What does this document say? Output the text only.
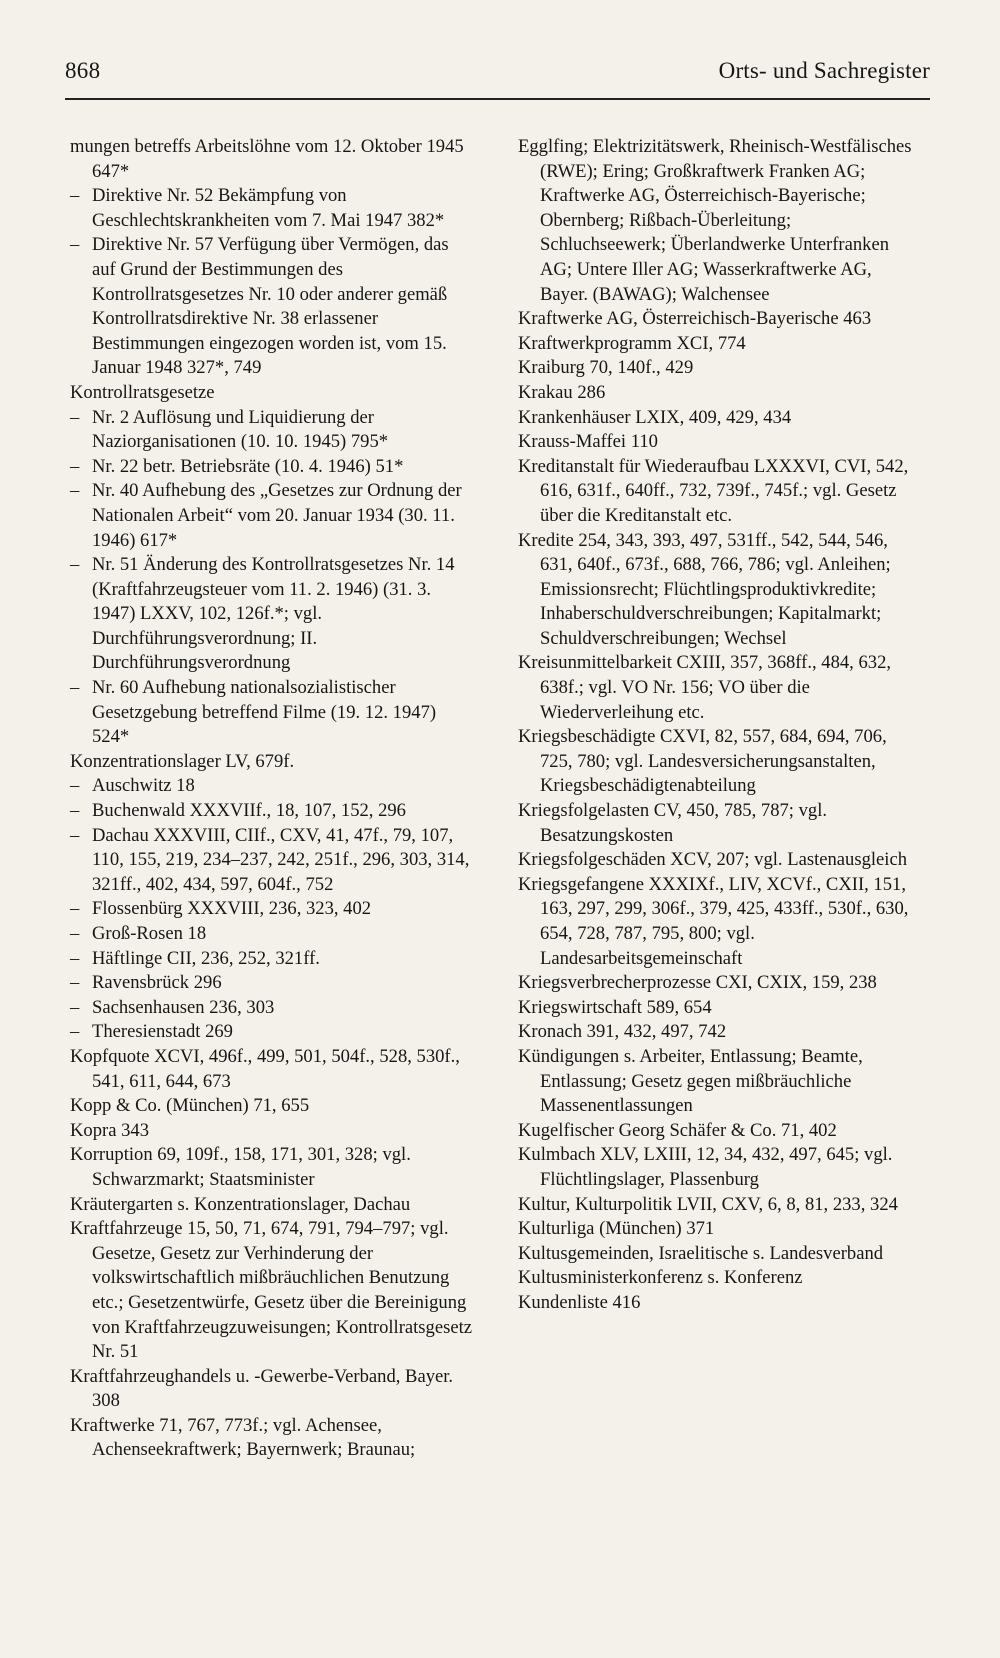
868	Orts- und Sachregister

mungen betreffs Arbeitslöhne vom 12. Oktober 1945 647*

– Direktive Nr. 52 Bekämpfung von Geschlechtskrankheiten vom 7. Mai 1947 382*

– Direktive Nr. 57 Verfügung über Vermögen, das auf Grund der Bestimmungen des Kontrollratsgesetzes Nr. 10 oder anderer gemäß Kontrollratsdirektive Nr. 38 erlassener Bestimmungen eingezogen worden ist, vom 15. Januar 1948 327*, 749

Kontrollratsgesetze

– Nr. 2 Auflösung und Liquidierung der Naziorganisationen (10. 10. 1945) 795*

– Nr. 22 betr. Betriebsräte (10. 4. 1946) 51*

– Nr. 40 Aufhebung des „Gesetzes zur Ordnung der Nationalen Arbeit“ vom 20. Januar 1934 (30. 11. 1946) 617*

– Nr. 51 Änderung des Kontrollratsgesetzes Nr. 14 (Kraftfahrzeugsteuer vom 11. 2. 1946) (31. 3. 1947) LXXV, 102, 126f.*; vgl. Durchführungsverordnung; II. Durchführungsverordnung

– Nr. 60 Aufhebung nationalsozialistischer Gesetzgebung betreffend Filme (19. 12. 1947) 524*

Konzentrationslager LV, 679f.

– Auschwitz 18

– Buchenwald XXXVIIf., 18, 107, 152, 296

– Dachau XXXVIII, CIIf., CXV, 41, 47f., 79, 107, 110, 155, 219, 234–237, 242, 251f., 296, 303, 314, 321ff., 402, 434, 597, 604f., 752

– Flossenbürg XXXVIII, 236, 323, 402

– Groß-Rosen 18

– Häftlinge CII, 236, 252, 321ff.

– Ravensbrück 296

– Sachsenhausen 236, 303

– Theresienstadt 269

Kopfquote XCVI, 496f., 499, 501, 504f., 528, 530f., 541, 611, 644, 673

Kopp & Co. (München) 71, 655

Kopra 343

Korruption 69, 109f., 158, 171, 301, 328; vgl. Schwarzmarkt; Staatsminister

Kräutergarten s. Konzentrationslager, Dachau

Kraftfahrzeuge 15, 50, 71, 674, 791, 794–797; vgl. Gesetze, Gesetz zur Verhinderung der volkswirtschaftlich mißbräuchlichen Benutzung etc.; Gesetzentwürfe, Gesetz über die Bereinigung von Kraftfahrzeugzuweisungen; Kontrollratsgesetz Nr. 51

Kraftfahrzeughandels u. -Gewerbe-Verband, Bayer. 308

Kraftwerke 71, 767, 773f.; vgl. Achensee, Achenseekraftwerk; Bayernwerk; Braunau;

Egglfing; Elektrizitätswerk, Rheinisch-Westfälisches (RWE); Ering; Großkraftwerk Franken AG; Kraftwerke AG, Österreichisch-Bayerische; Obernberg; Rißbach-Überleitung; Schluchseewerk; Überlandwerke Unterfranken AG; Untere Iller AG; Wasserkraftwerke AG, Bayer. (BAWAG); Walchensee

Kraftwerke AG, Österreichisch-Bayerische 463

Kraftwerkprogramm XCI, 774

Kraiburg 70, 140f., 429

Krakau 286

Krankenhäuser LXIX, 409, 429, 434

Krauss-Maffei 110

Kreditanstalt für Wiederaufbau LXXXVI, CVI, 542, 616, 631f., 640ff., 732, 739f., 745f.; vgl. Gesetz über die Kreditanstalt etc.

Kredite 254, 343, 393, 497, 531ff., 542, 544, 546, 631, 640f., 673f., 688, 766, 786; vgl. Anleihen; Emissionsrecht; Flüchtlingsproduktivkredite; Inhaberschuldverschreibungen; Kapitalmarkt; Schuldverschreibungen; Wechsel

Kreisunmittelbarkeit CXIII, 357, 368ff., 484, 632, 638f.; vgl. VO Nr. 156; VO über die Wiederverleihung etc.

Kriegsbeschädigte CXVI, 82, 557, 684, 694, 706, 725, 780; vgl. Landesversicherungsanstalten, Kriegsbeschädigtenabteilung

Kriegsfolgelasten CV, 450, 785, 787; vgl. Besatzungskosten

Kriegsfolgeschäden XCV, 207; vgl. Lastenausgleich

Kriegsgefangene XXXIXf., LIV, XCVf., CXII, 151, 163, 297, 299, 306f., 379, 425, 433ff., 530f., 630, 654, 728, 787, 795, 800; vgl. Landesarbeitsgemeinschaft

Kriegsverbrecherprozesse CXI, CXIX, 159, 238

Kriegswirtschaft 589, 654

Kronach 391, 432, 497, 742

Kündigungen s. Arbeiter, Entlassung; Beamte, Entlassung; Gesetz gegen mißbräuchliche Massenentlassungen

Kugelfischer Georg Schäfer & Co. 71, 402

Kulmbach XLV, LXIII, 12, 34, 432, 497, 645; vgl. Flüchtlingslager, Plassenburg

Kultur, Kulturpolitik LVII, CXV, 6, 8, 81, 233, 324

Kulturliga (München) 371

Kultusgemeinden, Israelitische s. Landesverband

Kultusministerkonferenz s. Konferenz

Kundenliste 416
